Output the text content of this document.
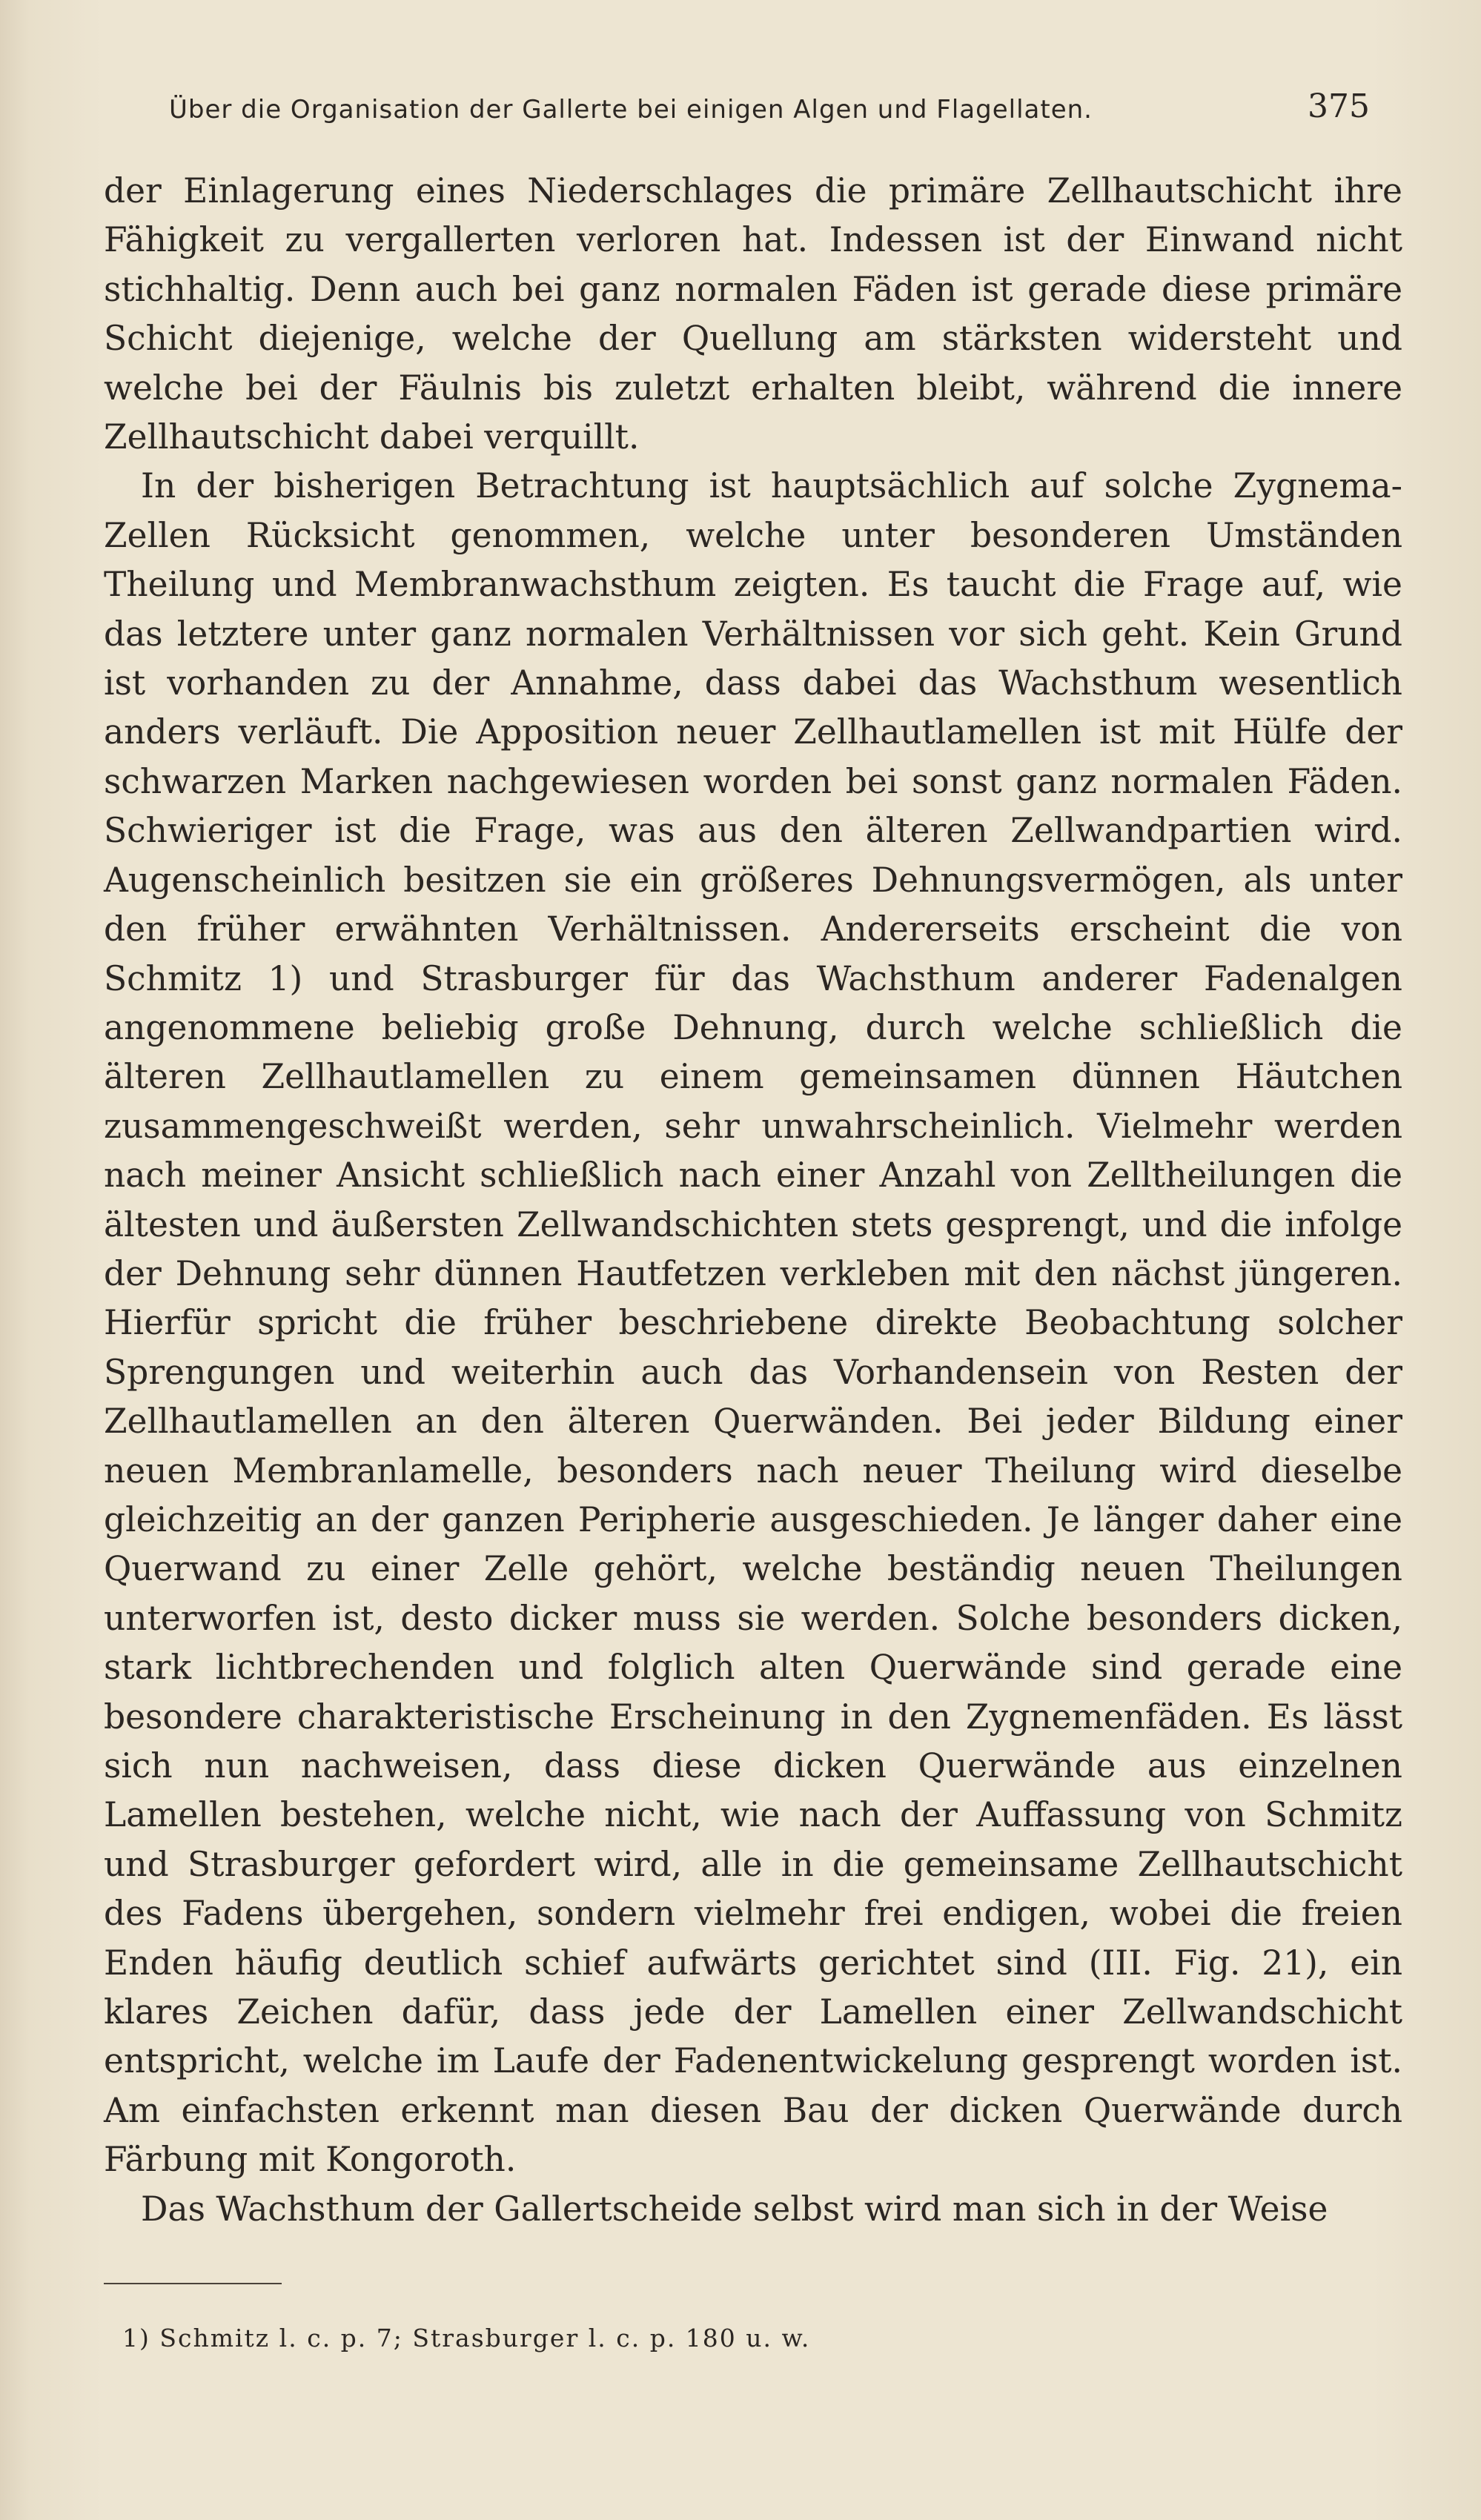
Über die Organisation der Gallerte bei einigen Algen und Flagellaten.	375

der Einlagerung eines Niederschlages die primäre Zellhautschicht ihre Fähigkeit zu vergallerten verloren hat. Indessen ist der Einwand nicht stichhaltig. Denn auch bei ganz normalen Fäden ist gerade diese primäre Schicht diejenige, welche der Quellung am stärksten widersteht und welche bei der Fäulnis bis zuletzt erhalten bleibt, während die innere Zellhautschicht dabei verquillt.

In der bisherigen Betrachtung ist hauptsächlich auf solche Zygnema-Zellen Rücksicht genommen, welche unter besonderen Umständen Theilung und Membranwachsthum zeigten. Es taucht die Frage auf, wie das letztere unter ganz normalen Verhältnissen vor sich geht. Kein Grund ist vorhanden zu der Annahme, dass dabei das Wachsthum wesentlich anders verläuft. Die Apposition neuer Zellhautlamellen ist mit Hülfe der schwarzen Marken nachgewiesen worden bei sonst ganz normalen Fäden. Schwieriger ist die Frage, was aus den älteren Zellwandpartien wird. Augenscheinlich besitzen sie ein größeres Dehnungsvermögen, als unter den früher erwähnten Verhältnissen. Andererseits erscheint die von Schmitz 1) und Strasburger für das Wachsthum anderer Fadenalgen angenommene beliebig große Dehnung, durch welche schließlich die älteren Zellhautlamellen zu einem gemeinsamen dünnen Häutchen zusammengeschweißt werden, sehr unwahrscheinlich. Vielmehr werden nach meiner Ansicht schließlich nach einer Anzahl von Zelltheilungen die ältesten und äußersten Zellwandschichten stets gesprengt, und die infolge der Dehnung sehr dünnen Hautfetzen verkleben mit den nächst jüngeren. Hierfür spricht die früher beschriebene direkte Beobachtung solcher Sprengungen und weiterhin auch das Vorhandensein von Resten der Zellhautlamellen an den älteren Querwänden. Bei jeder Bildung einer neuen Membranlamelle, besonders nach neuer Theilung wird dieselbe gleichzeitig an der ganzen Peripherie ausgeschieden. Je länger daher eine Querwand zu einer Zelle gehört, welche beständig neuen Theilungen unterworfen ist, desto dicker muss sie werden. Solche besonders dicken, stark lichtbrechenden und folglich alten Querwände sind gerade eine besondere charakteristische Erscheinung in den Zygnemenfäden. Es lässt sich nun nachweisen, dass diese dicken Querwände aus einzelnen Lamellen bestehen, welche nicht, wie nach der Auffassung von Schmitz und Strasburger gefordert wird, alle in die gemeinsame Zellhautschicht des Fadens übergehen, sondern vielmehr frei endigen, wobei die freien Enden häufig deutlich schief aufwärts gerichtet sind (III. Fig. 21), ein klares Zeichen dafür, dass jede der Lamellen einer Zellwandschicht entspricht, welche im Laufe der Fadenentwickelung gesprengt worden ist. Am einfachsten erkennt man diesen Bau der dicken Querwände durch Färbung mit Kongoroth.

Das Wachsthum der Gallertscheide selbst wird man sich in der Weise

1) Schmitz l. c. p. 7; Strasburger l. c. p. 180 u. w.
